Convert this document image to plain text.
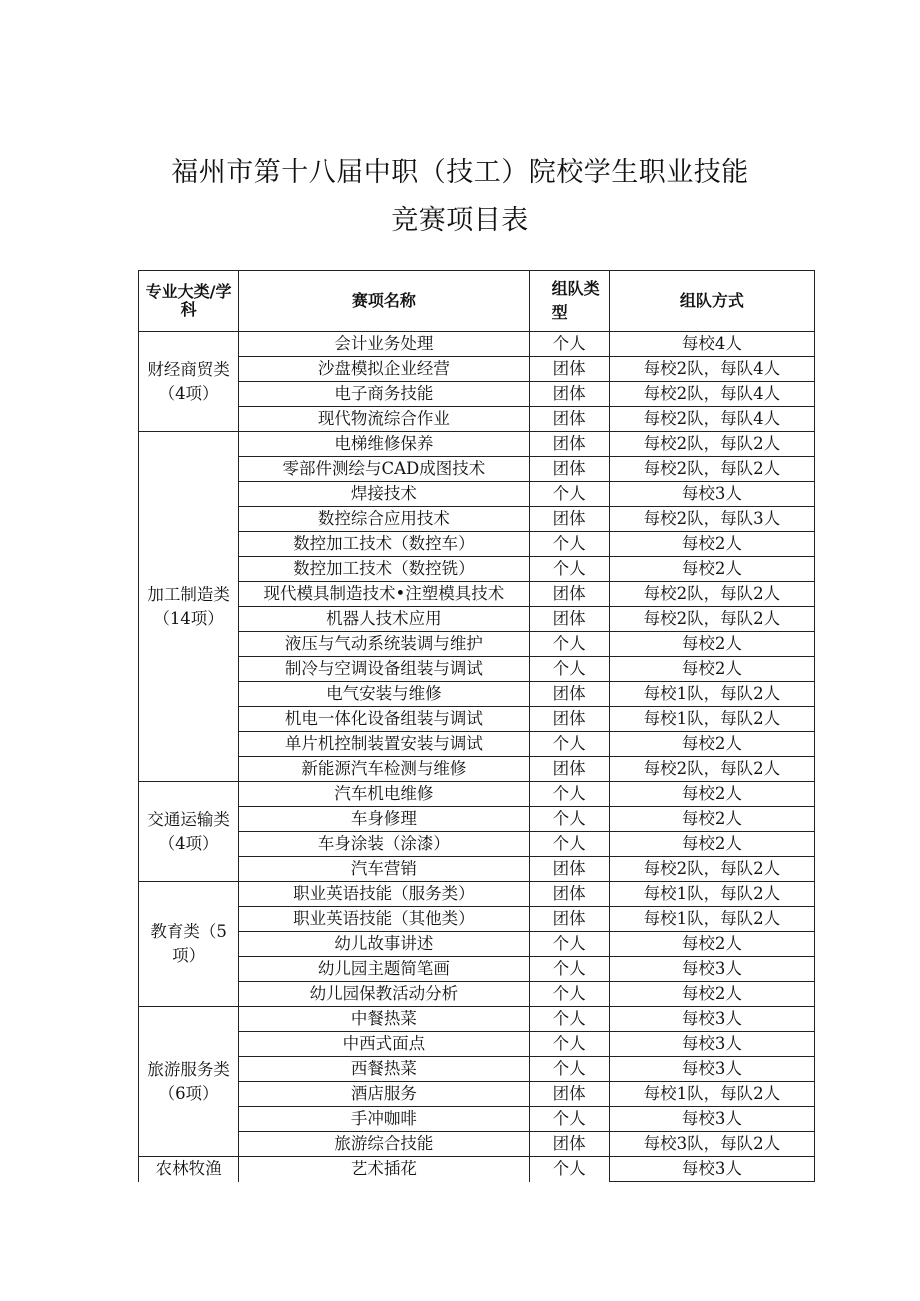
福州市第十八届中职（技工）院校学生职业技能
竞赛项目表
专业大类/学科	赛项名称	组队类型	组队方式
财经商贸类（4项）	会计业务处理	个人	每校4人
	沙盘模拟企业经营	团体	每校2队，每队4人
	电子商务技能	团体	每校2队，每队4人
	现代物流综合作业	团体	每校2队，每队4人
加工制造类（14项）	电梯维修保养	团体	每校2队，每队2人
	零部件测绘与CAD成图技术	团体	每校2队，每队2人
	焊接技术	个人	每校3人
	数控综合应用技术	团体	每校2队，每队3人
	数控加工技术（数控车）	个人	每校2人
	数控加工技术（数控铣）	个人	每校2人
	现代模具制造技术•注塑模具技术	团体	每校2队，每队2人
	机器人技术应用	团体	每校2队，每队2人
	液压与气动系统装调与维护	个人	每校2人
	制冷与空调设备组装与调试	个人	每校2人
	电气安装与维修	团体	每校1队，每队2人
	机电一体化设备组装与调试	团体	每校1队，每队2人
	单片机控制装置安装与调试	个人	每校2人
	新能源汽车检测与维修	团体	每校2队，每队2人
交通运输类（4项）	汽车机电维修	个人	每校2人
	车身修理	个人	每校2人
	车身涂装（涂漆）	个人	每校2人
	汽车营销	团体	每校2队，每队2人
教育类（5项）	职业英语技能（服务类）	团体	每校1队，每队2人
	职业英语技能（其他类）	团体	每校1队，每队2人
	幼儿故事讲述	个人	每校2人
	幼儿园主题简笔画	个人	每校3人
	幼儿园保教活动分析	个人	每校2人
旅游服务类（6项）	中餐热菜	个人	每校3人
	中西式面点	个人	每校3人
	西餐热菜	个人	每校3人
	酒店服务	团体	每校1队，每队2人
	手冲咖啡	个人	每校3人
	旅游综合技能	团体	每校3队，每队2人
农林牧渔	艺术插花	个人	每校3人
